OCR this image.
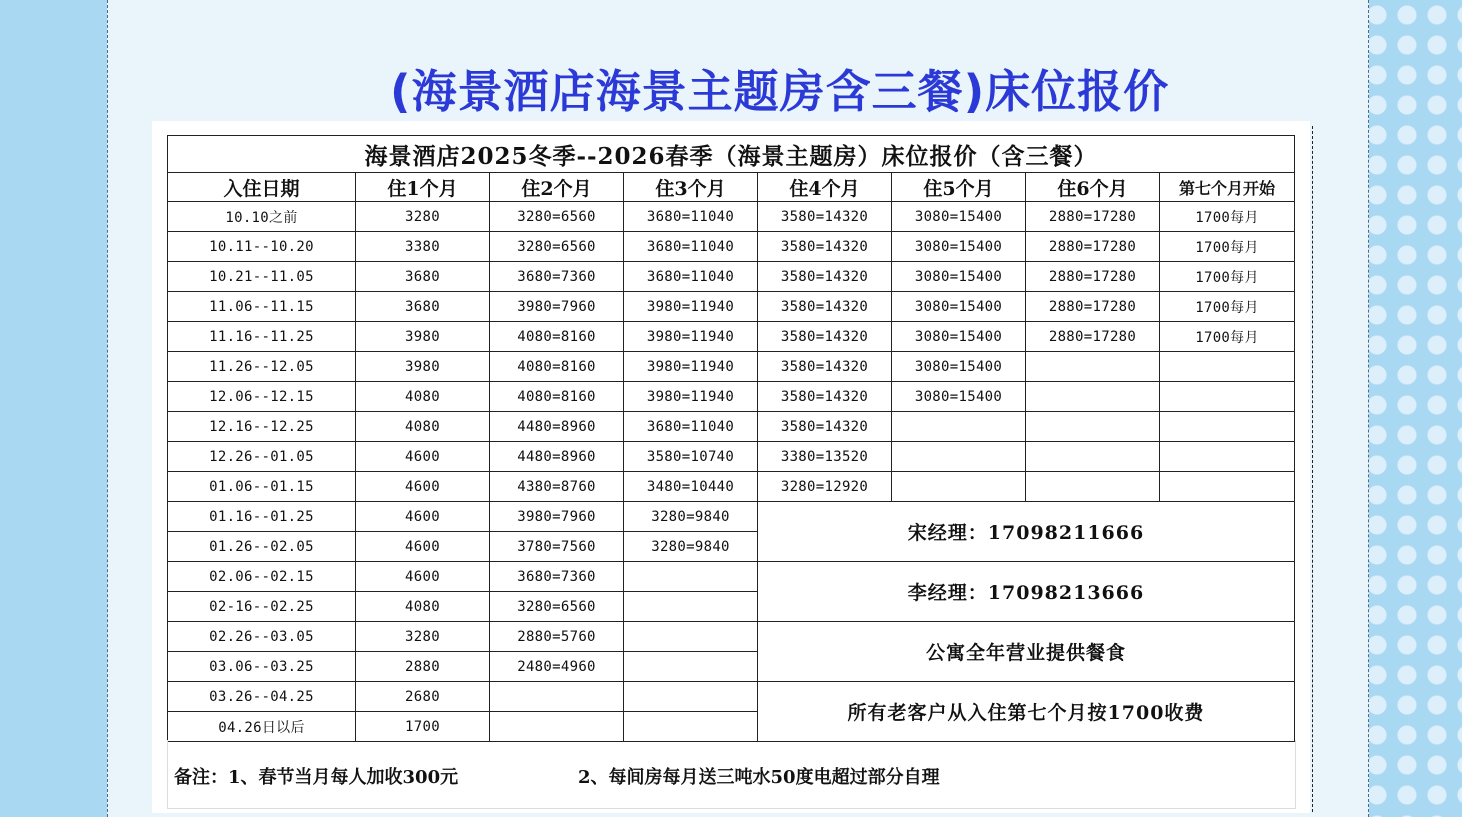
(海景酒店海景主题房含三餐)床位报价
海景酒店2025冬季--2026春季（海景主题房）床位报价（含三餐）							
入住日期	住1个月	住2个月	住3个月	住4个月	住5个月	住6个月	第七个月开始
10.10之前	3280	3280=6560	3680=11040	3580=14320	3080=15400	2880=17280	1700每月
10.11--10.20	3380	3280=6560	3680=11040	3580=14320	3080=15400	2880=17280	1700每月
10.21--11.05	3680	3680=7360	3680=11040	3580=14320	3080=15400	2880=17280	1700每月
11.06--11.15	3680	3980=7960	3980=11940	3580=14320	3080=15400	2880=17280	1700每月
11.16--11.25	3980	4080=8160	3980=11940	3580=14320	3080=15400	2880=17280	1700每月
11.26--12.05	3980	4080=8160	3980=11940	3580=14320	3080=15400		
12.06--12.15	4080	4080=8160	3980=11940	3580=14320	3080=15400		
12.16--12.25	4080	4480=8960	3680=11040	3580=14320			
12.26--01.05	4600	4480=8960	3580=10740	3380=13520			
01.06--01.15	4600	4380=8760	3480=10440	3280=12920			
01.16--01.25	4600	3980=7960	3280=9840	宋经理：17098211666			
01.26--02.05	4600	3780=7560	3280=9840				
02.06--02.15	4600	3680=7360		李经理：17098213666			
02-16--02.25	4080	3280=6560					
02.26--03.05	3280	2880=5760		公寓全年营业提供餐食			
03.06--03.25	2880	2480=4960					
03.26--04.25	2680			所有老客户从入住第七个月按1700收费			
04.26日以后	1700						
备注：1、春节当月每人加收300元	2、每间房每月送三吨水50度电超过部分自理
